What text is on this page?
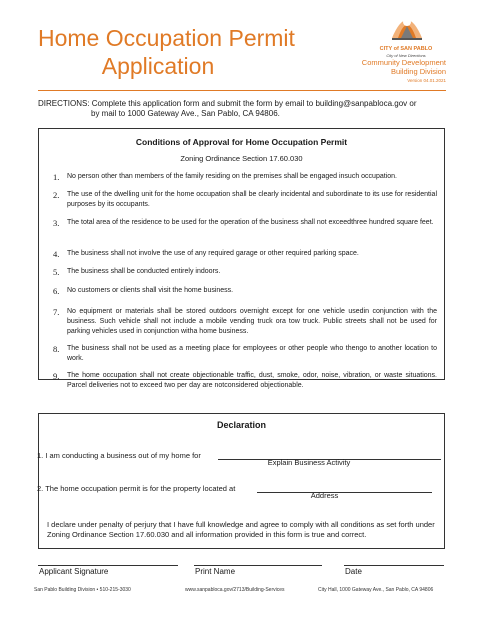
Home Occupation Permit
Application
CITY of SAN PABLO
City of New Directions
Community Development
Building Division
Version 04.01.2021
DIRECTIONS: Complete this application form and submit the form by email to building@sanpabloca.gov or
by mail to 1000 Gateway Ave., San Pablo, CA 94806.
Conditions of Approval for Home Occupation Permit
Zoning Ordinance Section 17.60.030
1. No person other than members of the family residing on the premises shall be engaged insuch occupation.
2. The use of the dwelling unit for the home occupation shall be clearly incidental and subordinate to its use for residential purposes by its occupants.
3. The total area of the residence to be used for the operation of the business shall not exceedthree hundred square feet.
4. The business shall not involve the use of any required garage or other required parking space.
5. The business shall be conducted entirely indoors.
6. No customers or clients shall visit the home business.
7. No equipment or materials shall be stored outdoors overnight except for one vehicle usedin conjunction with the business. Such vehicle shall not include a mobile vending truck ora tow truck. Public streets shall not be used for parking vehicles used in conjunction witha home business.
8. The business shall not be used as a meeting place for employees or other people who thengo to another location to work.
9. The home occupation shall not create objectionable traffic, dust, smoke, odor, noise, vibration, or waste situations. Parcel deliveries not to exceed two per day are notconsidered objectionable.
Declaration
1. I am conducting a business out of my home for
Explain Business Activity
2. The home occupation permit is for the property located at
Address
I declare under penalty of perjury that I have full knowledge and agree to comply with all conditions as set forth under Zoning Ordinance Section 17.60.030 and all information provided in this form is true and correct.
Applicant Signature	Print Name	Date
San Pablo Building Division • 510-215-3030	www.sanpabloca.gov/2713/Building-Services	City Hall, 1000 Gateway Ave., San Pablo, CA 94806
